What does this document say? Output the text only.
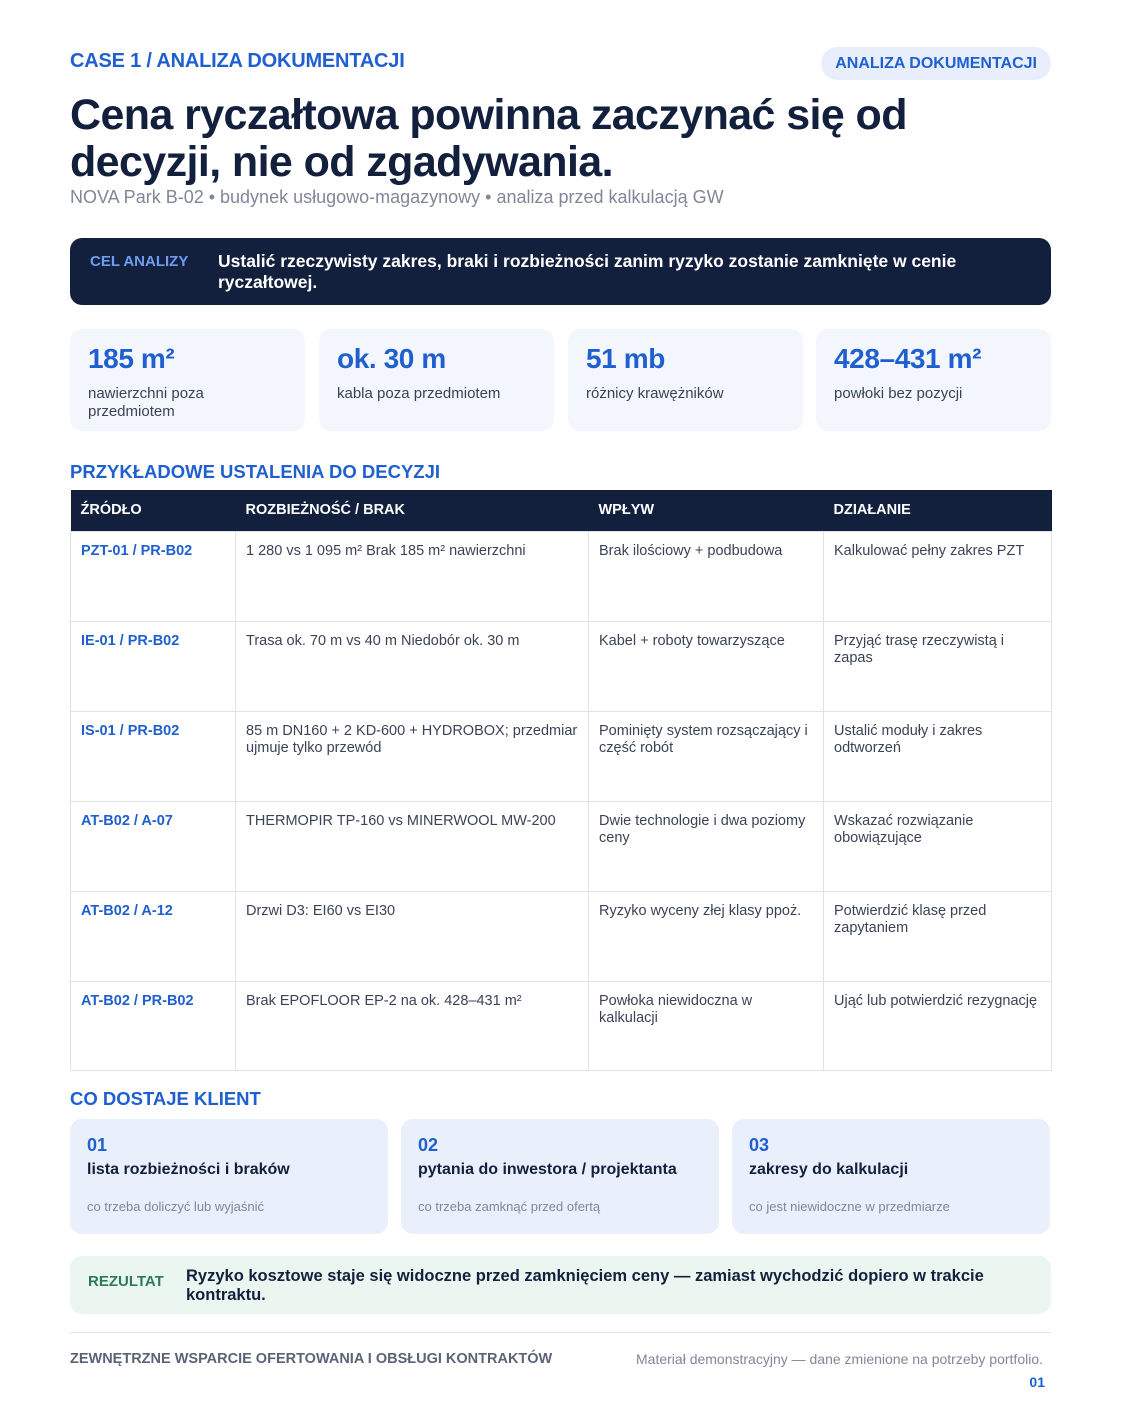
CASE 1 / ANALIZA DOKUMENTACJI	ANALIZA DOKUMENTACJI
Cena ryczałtowa powinna zaczynać się od decyzji, nie od zgadywania.
NOVA Park B-02 • budynek usługowo-magazynowy • analiza przed kalkulacją GW
CEL ANALIZY Ustalić rzeczywisty zakres, braki i rozbieżności zanim ryzyko zostanie zamknięte w cenie ryczałtowej.
185 m²
nawierzchni poza przedmiotem
ok. 30 m
kabla poza przedmiotem
51 mb
różnicy krawężników
428–431 m²
powłoki bez pozycji
PRZYKŁADOWE USTALENIA DO DECYZJI
ŹRÓDŁO	ROZBIEŻNOŚĆ / BRAK	WPŁYW	DZIAŁANIE
PZT-01 / PR-B02	1 280 vs 1 095 m² Brak 185 m² nawierzchni	Brak ilościowy + podbudowa	Kalkulować pełny zakres PZT
IE-01 / PR-B02	Trasa ok. 70 m vs 40 m Niedobór ok. 30 m	Kabel + roboty towarzyszące	Przyjąć trasę rzeczywistą i zapas
IS-01 / PR-B02	85 m DN160 + 2 KD-600 + HYDROBOX; przedmiar ujmuje tylko przewód	Pominięty system rozsączający i część robót	Ustalić moduły i zakres odtworzeń
AT-B02 / A-07	THERMOPIR TP-160 vs MINERWOOL MW-200	Dwie technologie i dwa poziomy ceny	Wskazać rozwiązanie obowiązujące
AT-B02 / A-12	Drzwi D3: EI60 vs EI30	Ryzyko wyceny złej klasy ppoż.	Potwierdzić klasę przed zapytaniem
AT-B02 / PR-B02	Brak EPOFLOOR EP-2 na ok. 428–431 m²	Powłoka niewidoczna w kalkulacji	Ująć lub potwierdzić rezygnację
CO DOSTAJE KLIENT
01
lista rozbieżności i braków
co trzeba doliczyć lub wyjaśnić
02
pytania do inwestora / projektanta
co trzeba zamknąć przed ofertą
03
zakresy do kalkulacji
co jest niewidoczne w przedmiarze
REZULTAT Ryzyko kosztowe staje się widoczne przed zamknięciem ceny — zamiast wychodzić dopiero w trakcie kontraktu.
ZEWNĘTRZNE WSPARCIE OFERTOWANIA I OBSŁUGI KONTRAKTÓW	Materiał demonstracyjny — dane zmienione na potrzeby portfolio.
01
